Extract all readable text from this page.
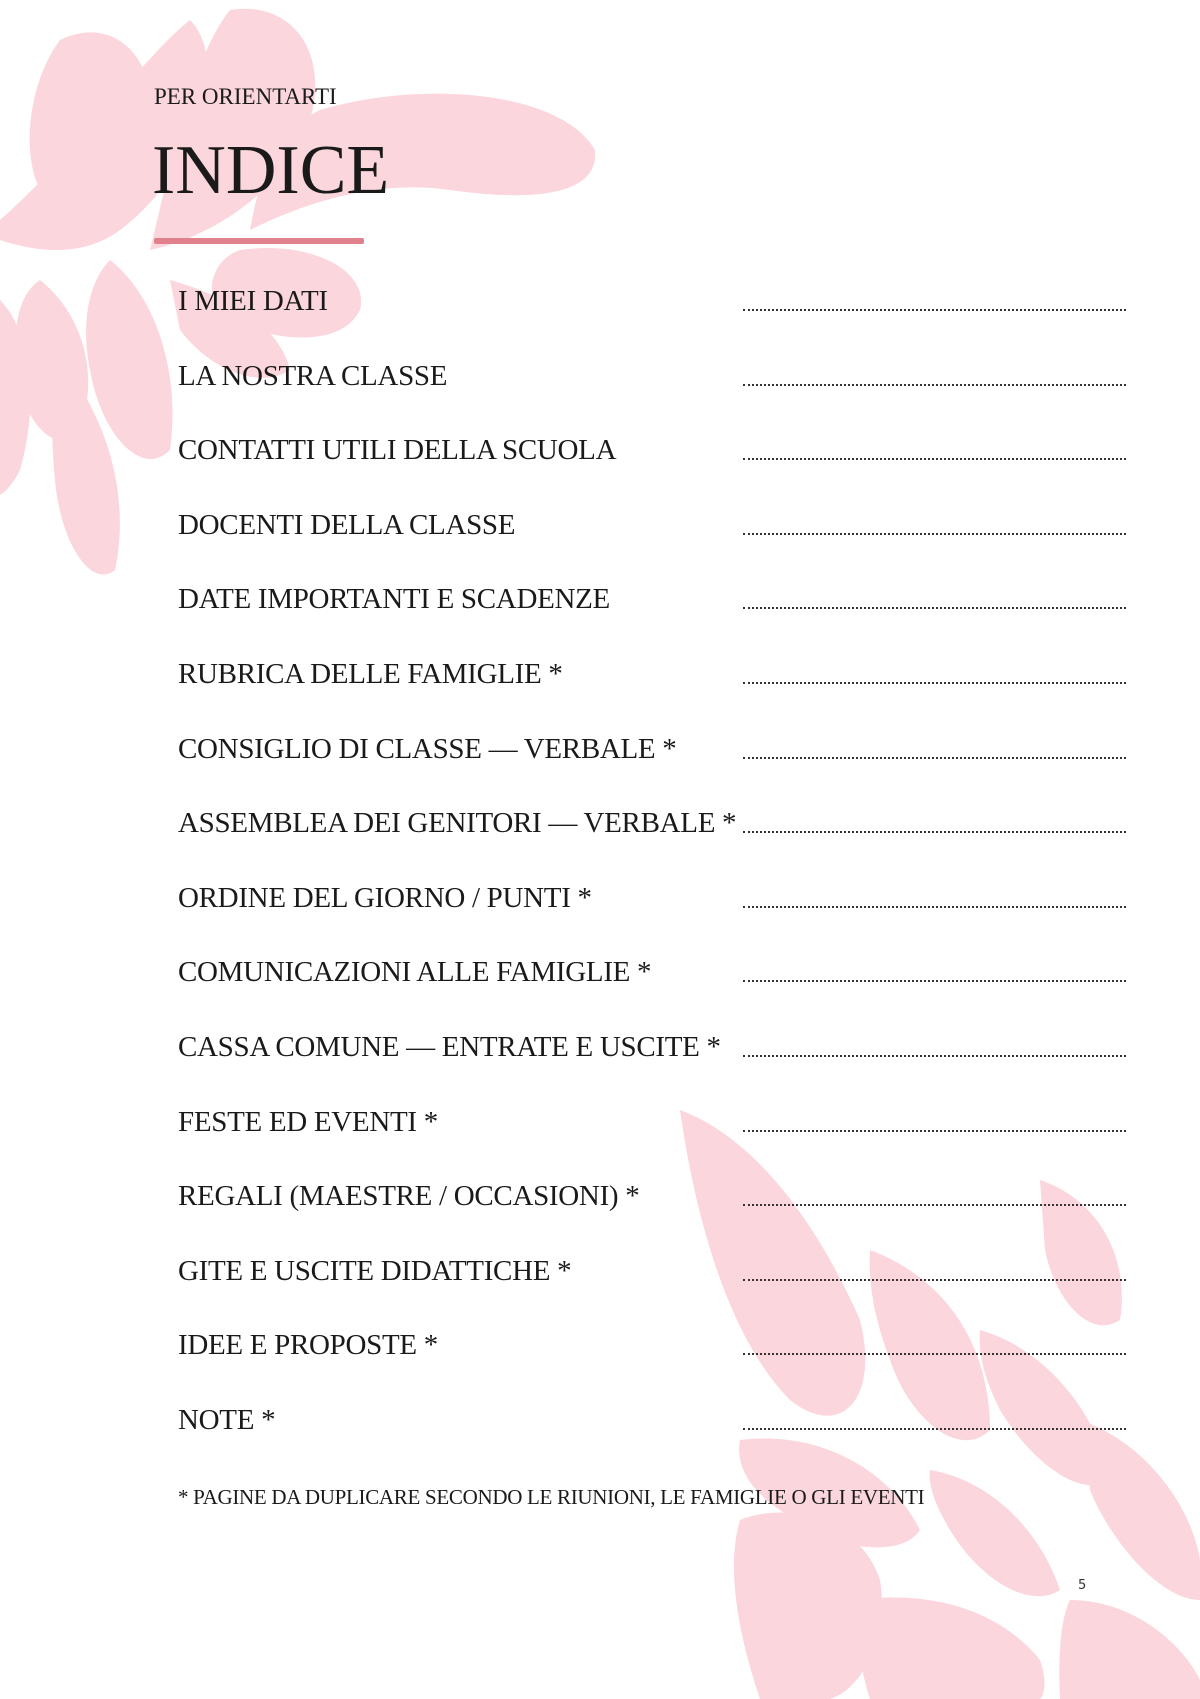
PER ORIENTARTI
INDICE
I MIEI DATI
LA NOSTRA CLASSE
CONTATTI UTILI DELLA SCUOLA
DOCENTI DELLA CLASSE
DATE IMPORTANTI E SCADENZE
RUBRICA DELLE FAMIGLIE *
CONSIGLIO DI CLASSE — VERBALE *
ASSEMBLEA DEI GENITORI — VERBALE *
ORDINE DEL GIORNO / PUNTI *
COMUNICAZIONI ALLE FAMIGLIE *
CASSA COMUNE — ENTRATE E USCITE *
FESTE ED EVENTI *
REGALI (MAESTRE / OCCASIONI) *
GITE E USCITE DIDATTICHE *
IDEE E PROPOSTE *
NOTE *
* PAGINE DA DUPLICARE SECONDO LE RIUNIONI, LE FAMIGLIE O GLI EVENTI
5
